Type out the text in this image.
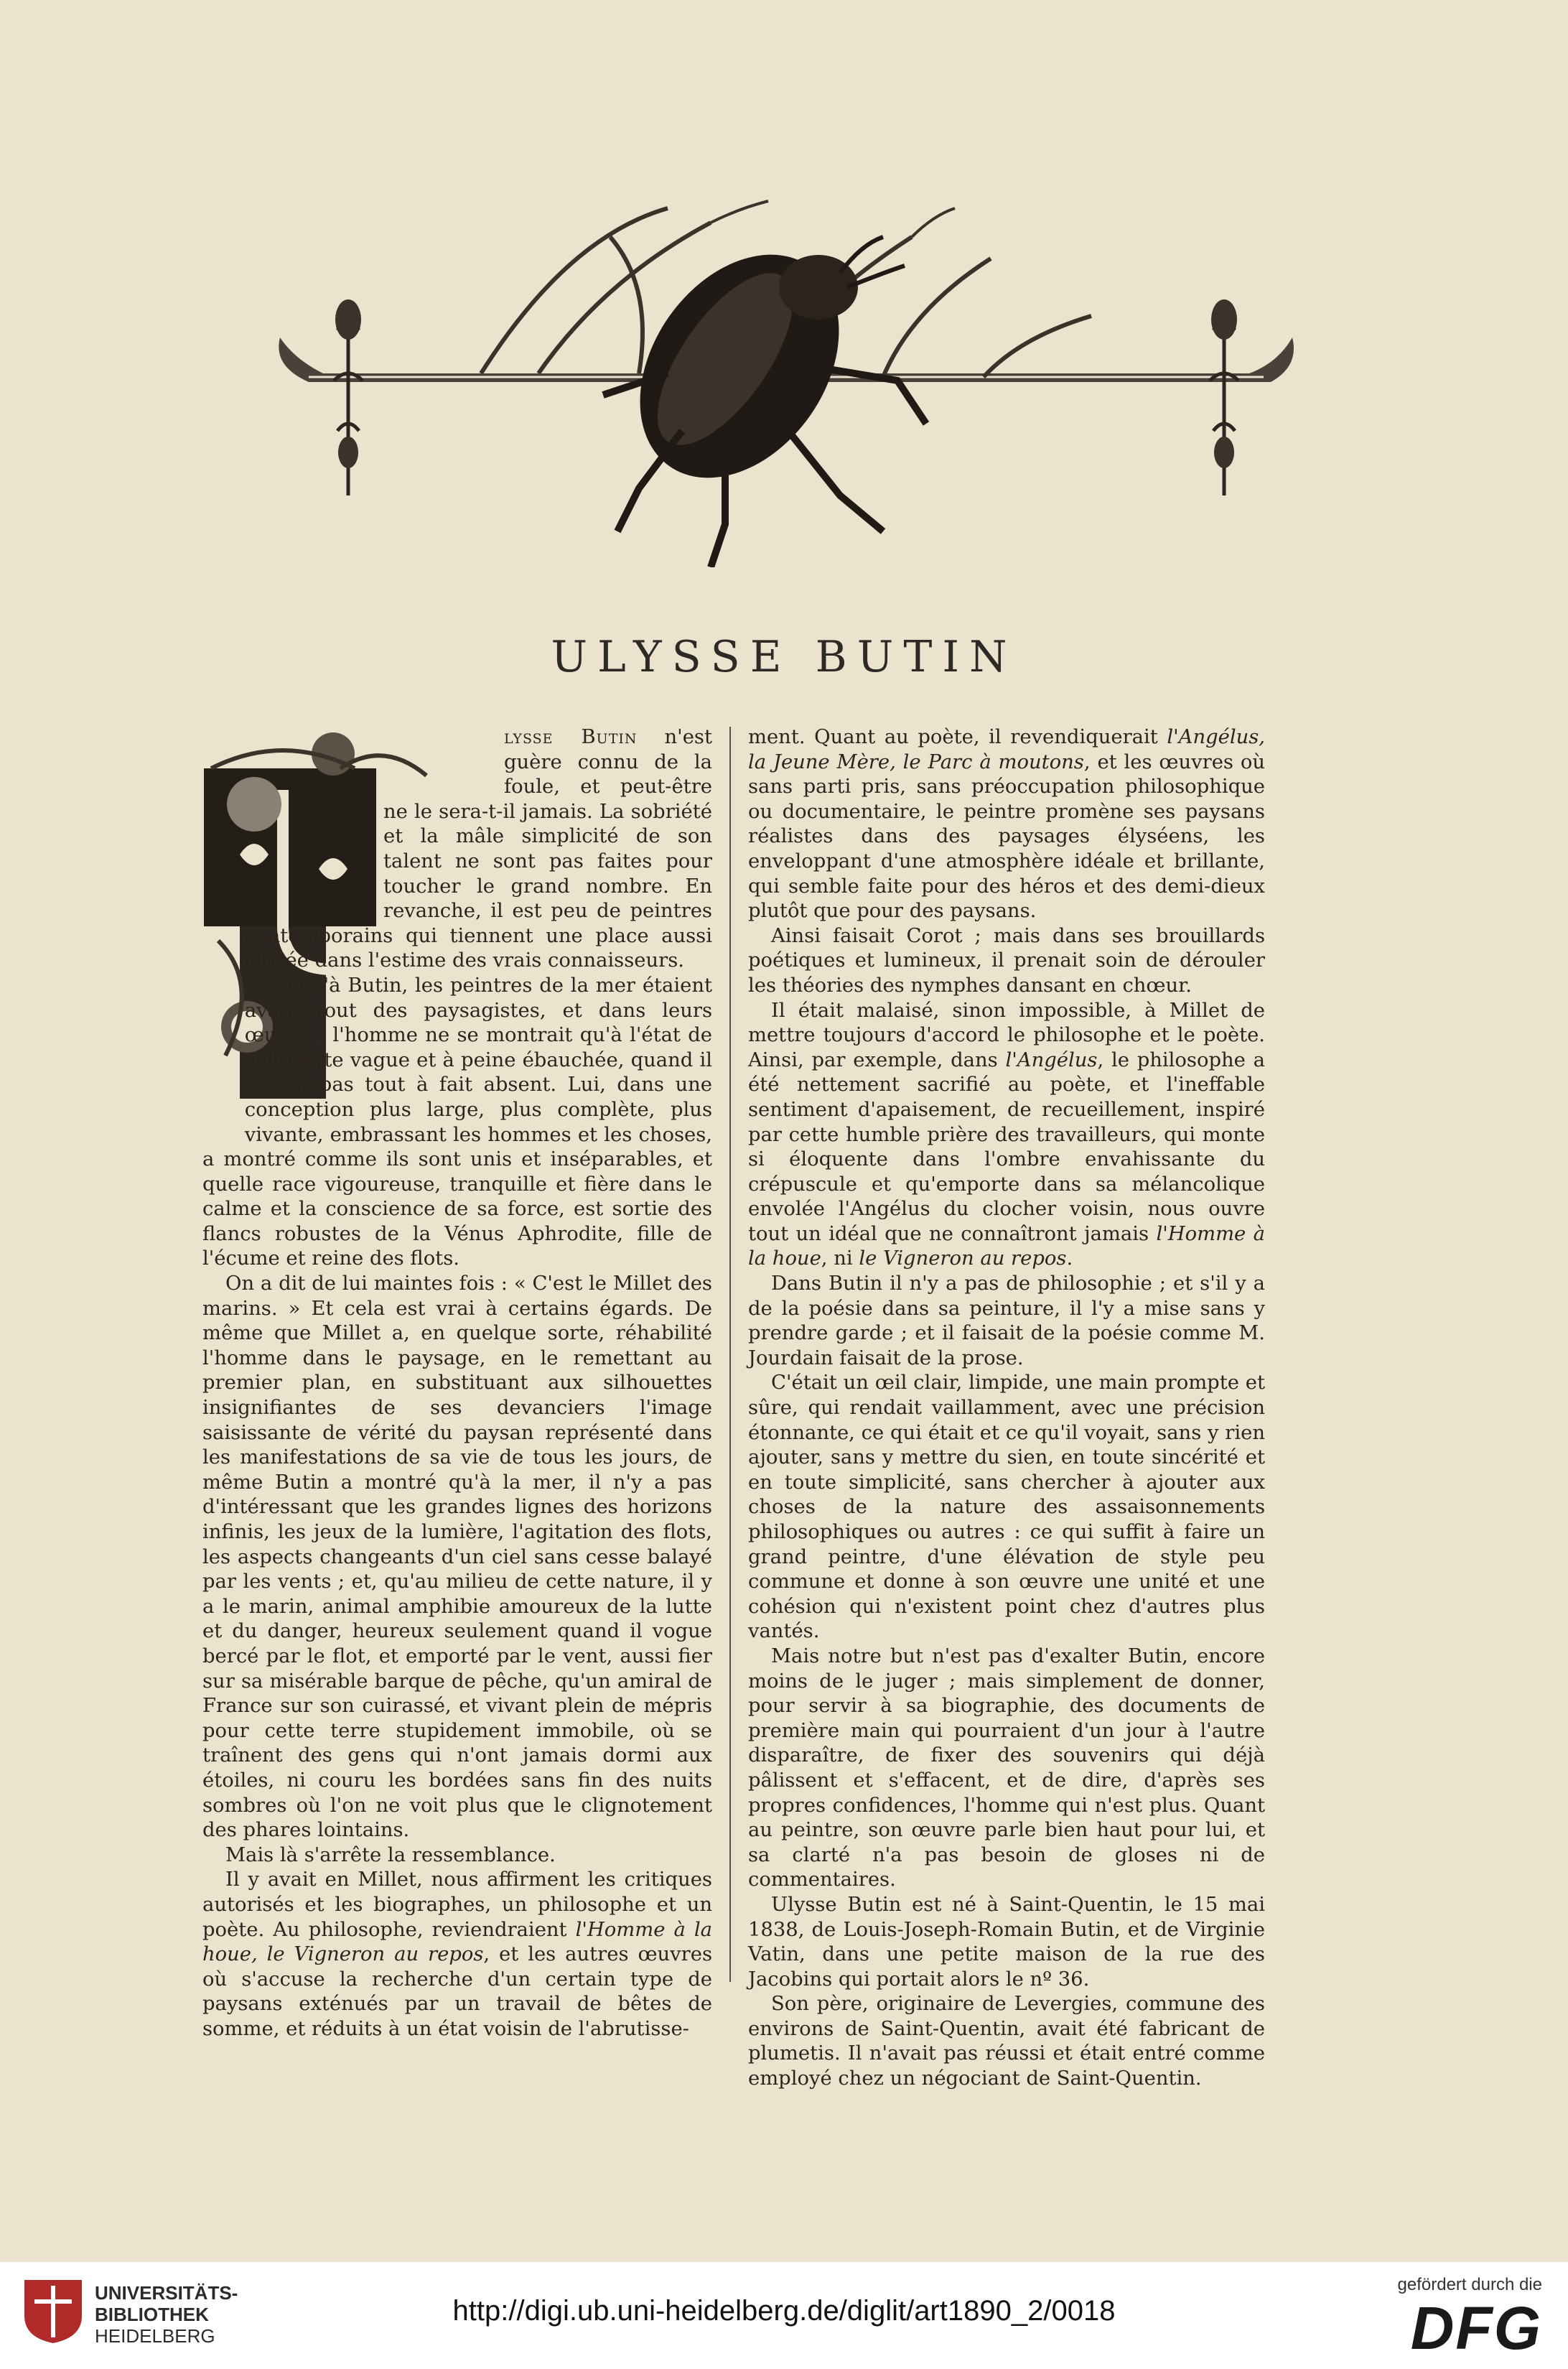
ULYSSE BUTIN

lysse Butin n'est guère connu de la foule, et peut-être ne le sera-t-il jamais. La sobriété et la mâle simplicité de son talent ne sont pas faites pour toucher le grand nombre. En revanche, il est peu de peintres contemporains qui tiennent une place aussi élevée dans l'estime des vrais connaisseurs.

Jusqu'à Butin, les peintres de la mer étaient avant tout des paysagistes, et dans leurs œuvres, l'homme ne se montrait qu'à l'état de silhouette vague et à peine ébauchée, quand il n'était pas tout à fait absent. Lui, dans une conception plus large, plus complète, plus vivante, embrassant les hommes et les choses, a montré comme ils sont unis et inséparables, et quelle race vigoureuse, tranquille et fière dans le calme et la conscience de sa force, est sortie des flancs robustes de la Vénus Aphrodite, fille de l'écume et reine des flots.

On a dit de lui maintes fois : « C'est le Millet des marins. » Et cela est vrai à certains égards. De même que Millet a, en quelque sorte, réhabilité l'homme dans le paysage, en le remettant au premier plan, en substituant aux silhouettes insignifiantes de ses devanciers l'image saisissante de vérité du paysan représenté dans les manifestations de sa vie de tous les jours, de même Butin a montré qu'à la mer, il n'y a pas d'intéressant que les grandes lignes des horizons infinis, les jeux de la lumière, l'agitation des flots, les aspects changeants d'un ciel sans cesse balayé par les vents ; et, qu'au milieu de cette nature, il y a le marin, animal amphibie amoureux de la lutte et du danger, heureux seulement quand il vogue bercé par le flot, et emporté par le vent, aussi fier sur sa misérable barque de pêche, qu'un amiral de France sur son cuirassé, et vivant plein de mépris pour cette terre stupidement immobile, où se traînent des gens qui n'ont jamais dormi aux étoiles, ni couru les bordées sans fin des nuits sombres où l'on ne voit plus que le clignotement des phares lointains.

Mais là s'arrête la ressemblance.

Il y avait en Millet, nous affirment les critiques autorisés et les biographes, un philosophe et un poète. Au philosophe, reviendraient l'Homme à la houe, le Vigneron au repos, et les autres œuvres où s'accuse la recherche d'un certain type de paysans exténués par un travail de bêtes de somme, et réduits à un état voisin de l'abrutisse-

ment. Quant au poète, il revendiquerait l'Angélus, la Jeune Mère, le Parc à moutons, et les œuvres où sans parti pris, sans préoccupation philosophique ou documentaire, le peintre promène ses paysans réalistes dans des paysages élyséens, les enveloppant d'une atmosphère idéale et brillante, qui semble faite pour des héros et des demi-dieux plutôt que pour des paysans.

Ainsi faisait Corot ; mais dans ses brouillards poétiques et lumineux, il prenait soin de dérouler les théories des nymphes dansant en chœur.

Il était malaisé, sinon impossible, à Millet de mettre toujours d'accord le philosophe et le poète. Ainsi, par exemple, dans l'Angélus, le philosophe a été nettement sacrifié au poète, et l'ineffable sentiment d'apaisement, de recueillement, inspiré par cette humble prière des travailleurs, qui monte si éloquente dans l'ombre envahissante du crépuscule et qu'emporte dans sa mélancolique envolée l'Angélus du clocher voisin, nous ouvre tout un idéal que ne connaîtront jamais l'Homme à la houe, ni le Vigneron au repos.

Dans Butin il n'y a pas de philosophie ; et s'il y a de la poésie dans sa peinture, il l'y a mise sans y prendre garde ; et il faisait de la poésie comme M. Jourdain faisait de la prose.

C'était un œil clair, limpide, une main prompte et sûre, qui rendait vaillamment, avec une précision étonnante, ce qui était et ce qu'il voyait, sans y rien ajouter, sans y mettre du sien, en toute sincérité et en toute simplicité, sans chercher à ajouter aux choses de la nature des assaisonnements philosophiques ou autres : ce qui suffit à faire un grand peintre, d'une élévation de style peu commune et donne à son œuvre une unité et une cohésion qui n'existent point chez d'autres plus vantés.

Mais notre but n'est pas d'exalter Butin, encore moins de le juger ; mais simplement de donner, pour servir à sa biographie, des documents de première main qui pourraient d'un jour à l'autre disparaître, de fixer des souvenirs qui déjà pâlissent et s'effacent, et de dire, d'après ses propres confidences, l'homme qui n'est plus. Quant au peintre, son œuvre parle bien haut pour lui, et sa clarté n'a pas besoin de gloses ni de commentaires.

Ulysse Butin est né à Saint-Quentin, le 15 mai 1838, de Louis-Joseph-Romain Butin, et de Virginie Vatin, dans une petite maison de la rue des Jacobins qui portait alors le nº 36.

Son père, originaire de Levergies, commune des environs de Saint-Quentin, avait été fabricant de plumetis. Il n'avait pas réussi et était entré comme employé chez un négociant de Saint-Quentin.

UNIVERSITÄTS-
BIBLIOTHEK
HEIDELBERG
http://digi.ub.uni-heidelberg.de/diglit/art1890_2/0018
gefördert durch die
DFG
